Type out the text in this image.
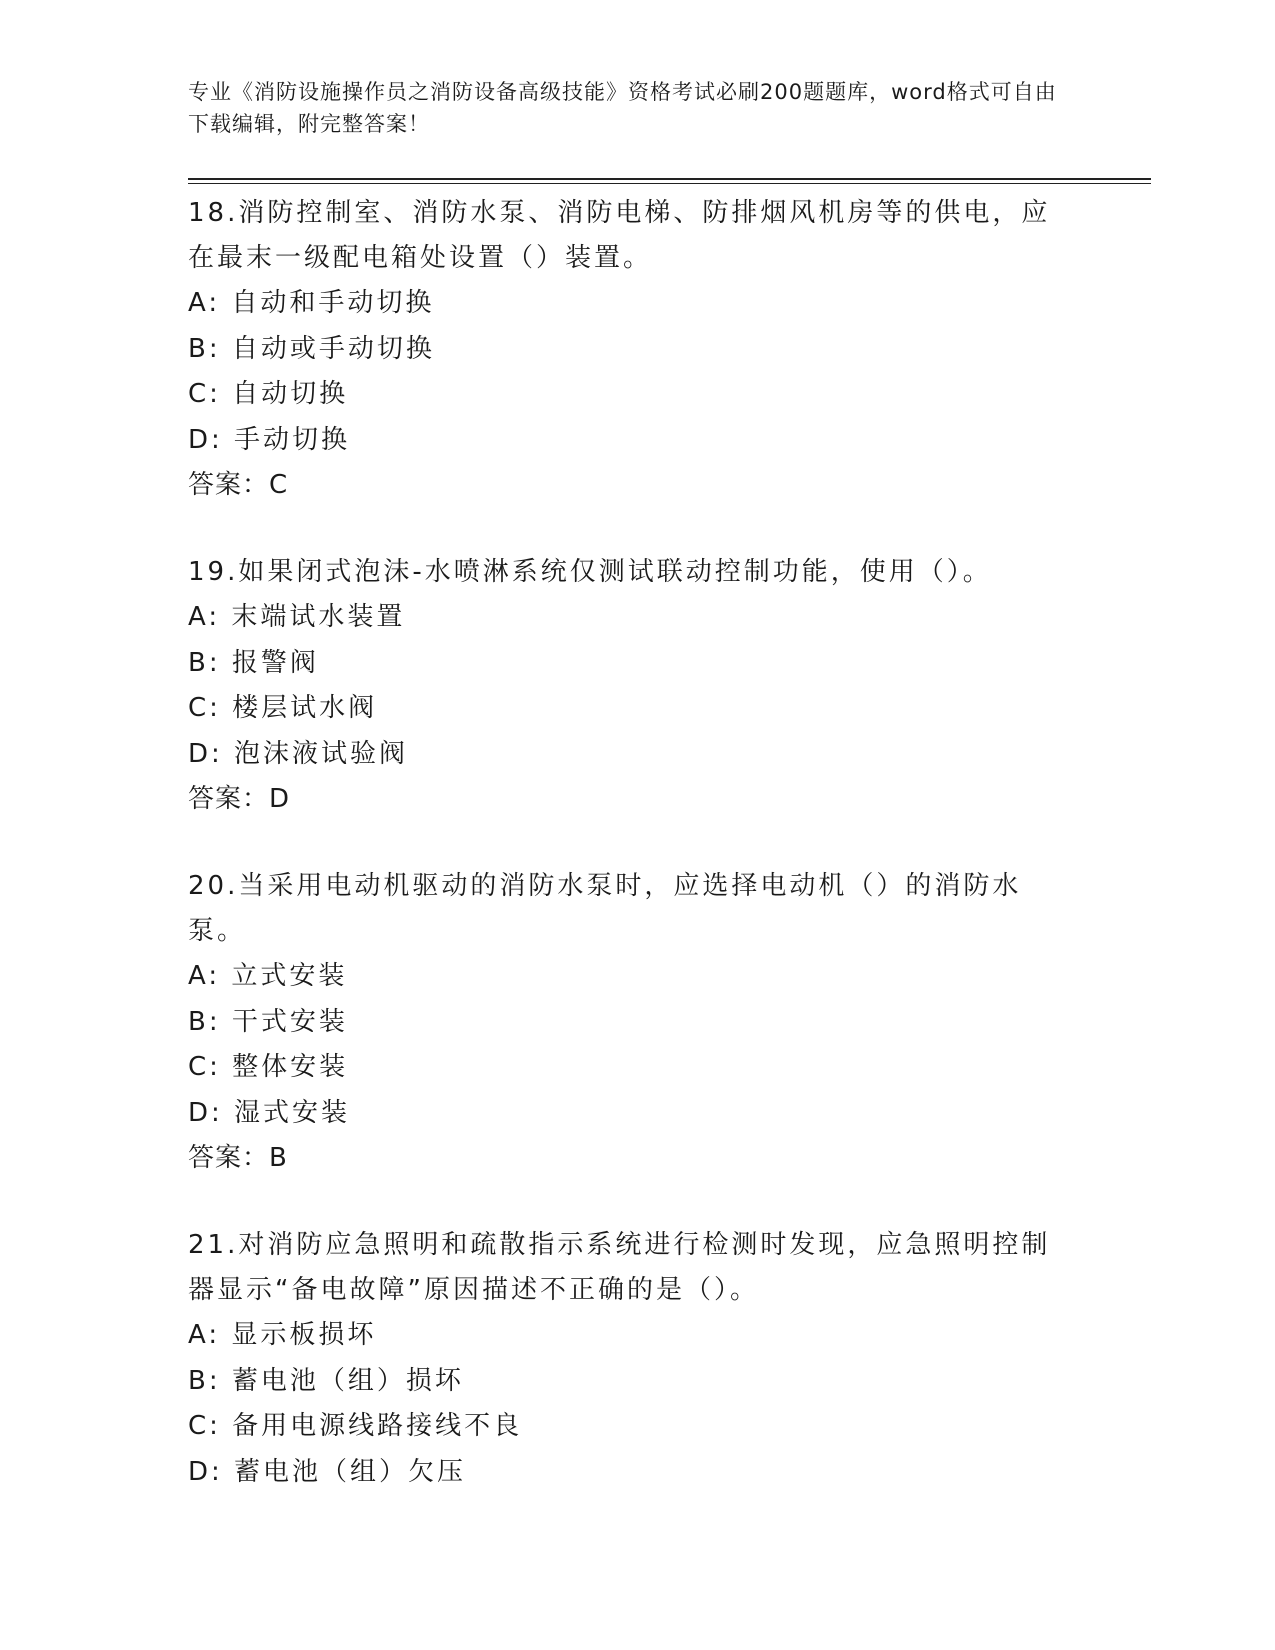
专业《消防设施操作员之消防设备高级技能》资格考试必刷200题题库，word格式可自由下载编辑，附完整答案！
18.消防控制室、消防水泵、消防电梯、防排烟风机房等的供电，应在最末一级配电箱处设置（）装置。
A: 自动和手动切换
B: 自动或手动切换
C: 自动切换
D: 手动切换
答案：C
19.如果闭式泡沫-水喷淋系统仅测试联动控制功能，使用（）。
A: 末端试水装置
B: 报警阀
C: 楼层试水阀
D: 泡沫液试验阀
答案：D
20.当采用电动机驱动的消防水泵时，应选择电动机（）的消防水泵。
A: 立式安装
B: 干式安装
C: 整体安装
D: 湿式安装
答案：B
21.对消防应急照明和疏散指示系统进行检测时发现，应急照明控制器显示“备电故障”原因描述不正确的是（）。
A: 显示板损坏
B: 蓄电池（组）损坏
C: 备用电源线路接线不良
D: 蓄电池（组）欠压
